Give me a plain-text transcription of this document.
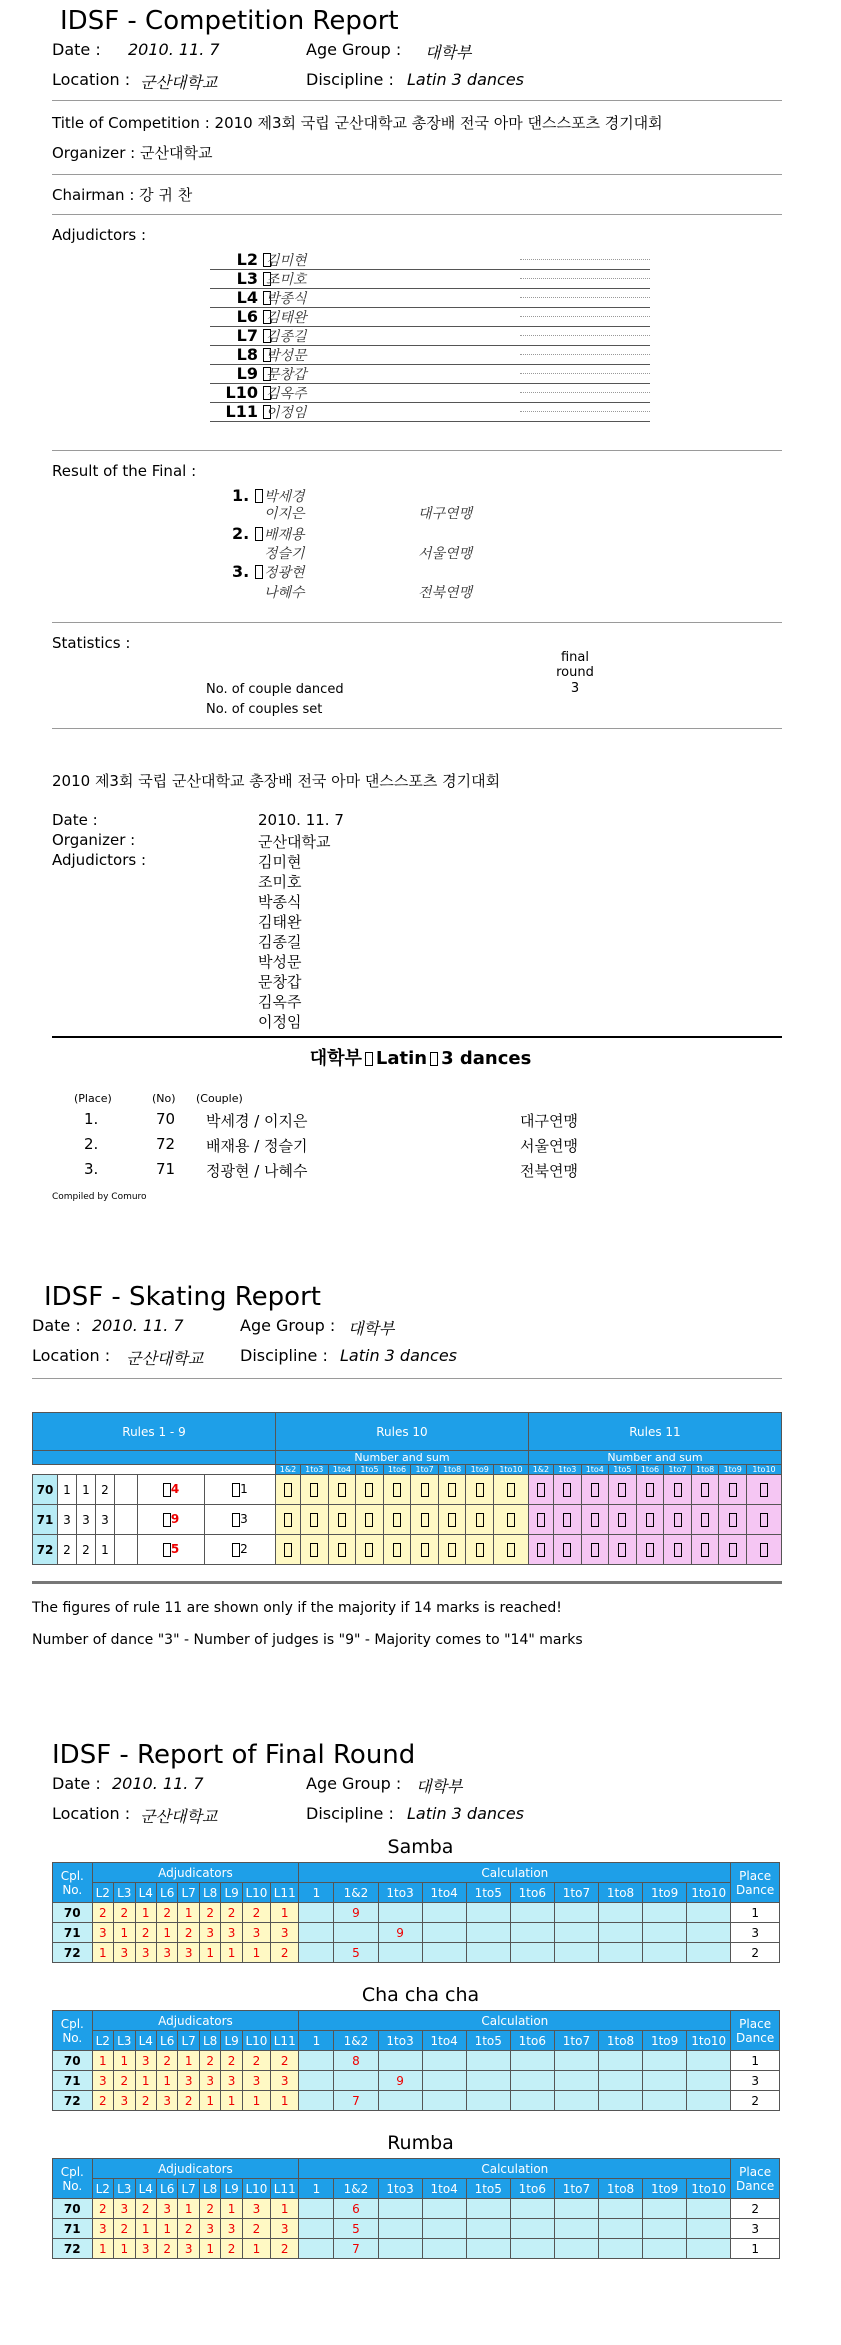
IDSF - Competition Report
Date : 2010. 11. 7	Age Group : 대학부
Location : 군산대학교	Discipline : Latin 3 dances
Title of Competition : 2010 제3회 국립 군산대학교 총장배 전국 아마 댄스스포츠 경기대회
Organizer : 군산대학교
Chairman : 강 귀 찬
Adjudictors :
L2 김미현
L3 조미호
L4 박종식
L6 김태완
L7 김종길
L8 박성문
L9 문창갑
L10 김옥주
L11 이정임
Result of the Final :
1. 박세경
이지은	대구연맹
2. 배재용
정슬기	서울연맹
3. 정광현
나혜수	전북연맹
Statistics :
final
round
3
No. of couple danced
No. of couples set
2010 제3회 국립 군산대학교 총장배 전국 아마 댄스스포츠 경기대회
Date :	2010. 11. 7
Organizer :	군산대학교
Adjudictors :	김미현
조미호
박종식
김태완
김종길
박성문
문창갑
김옥주
이정임
대학부 Latin 3 dances
(Place)	(No) (Couple)
1.	70 박세경 / 이지은	대구연맹
2.	72 배재용 / 정슬기	서울연맹
3.	71 정광현 / 나혜수	전북연맹
Compiled by Comuro
IDSF - Skating Report
Date : 2010. 11. 7	Age Group : 대학부
Location : 군산대학교 Discipline : Latin 3 dances
Rules 1 - 9							Rules 10									Rules 11								
							Number and sum									Number and sum								
							1&2	1to3	1to4	1to5	1to6	1to7	1to8	1to9	1to10	1&2	1to3	1to4	1to5	1to6	1to7	1to8	1to9	1to10
70	1	1	2		4	1																		
71	3	3	3		9	3																		
72	2	2	1		5	2																		
The figures of rule 11 are shown only if the majority if 14 marks is reached!
Number of dance "3" - Number of judges is "9" - Majority comes to "14" marks
IDSF - Report of Final Round
Date : 2010. 11. 7	Age Group : 대학부
Location : 군산대학교	Discipline : Latin 3 dances
Samba
Cpl.
No.	Adjudicators									Calculation										Place
Dance
	L2	L3	L4	L6	L7	L8	L9	L10	L11	1	1&2	1to3	1to4	1to5	1to6	1to7	1to8	1to9	1to10	
70	2	2	1	2	1	2	2	2	1		9									1
71	3	1	2	1	2	3	3	3	3			9								3
72	1	3	3	3	3	1	1	1	2		5									2
Cha cha cha
Cpl.
No.	Adjudicators									Calculation										Place
Dance
	L2	L3	L4	L6	L7	L8	L9	L10	L11	1	1&2	1to3	1to4	1to5	1to6	1to7	1to8	1to9	1to10	
70	1	1	3	2	1	2	2	2	2		8									1
71	3	2	1	1	3	3	3	3	3			9								3
72	2	3	2	3	2	1	1	1	1		7									2
Rumba
Cpl.
No.	Adjudicators									Calculation										Place
Dance
	L2	L3	L4	L6	L7	L8	L9	L10	L11	1	1&2	1to3	1to4	1to5	1to6	1to7	1to8	1to9	1to10	
70	2	3	2	3	1	2	1	3	1		6									2
71	3	2	1	1	2	3	3	2	3		5									3
72	1	1	3	2	3	1	2	1	2		7									1
